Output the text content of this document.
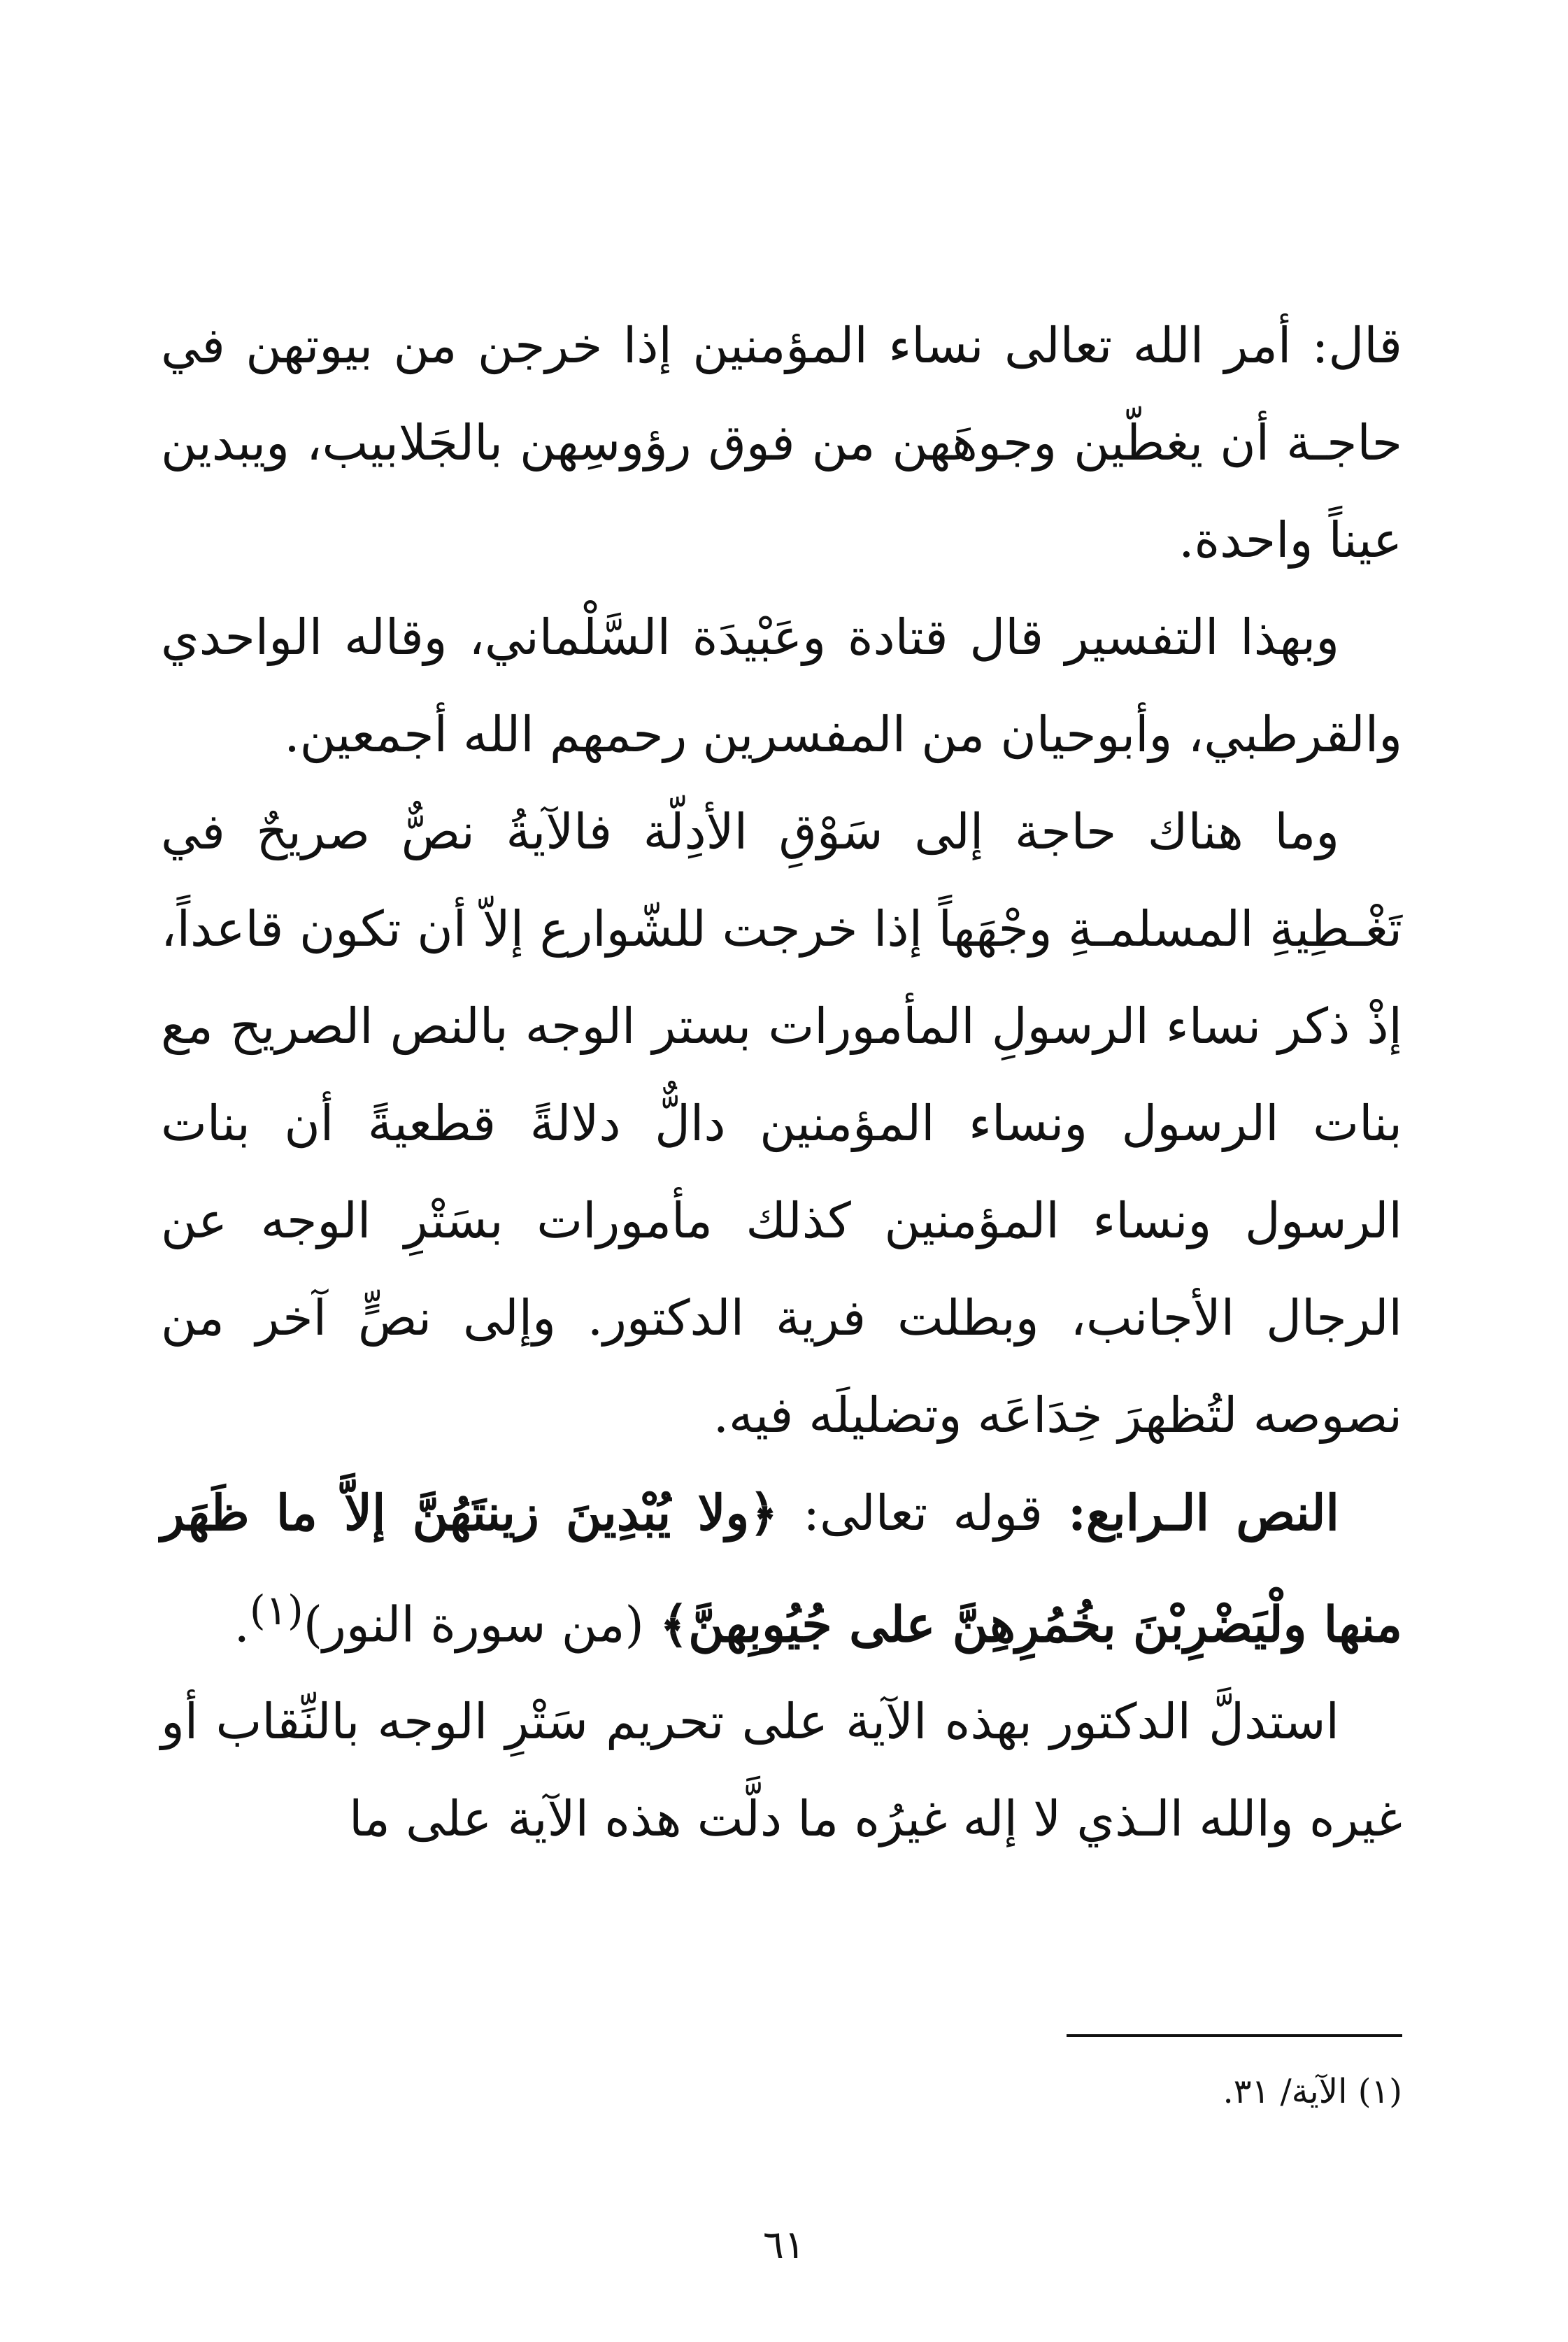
قال: أمر الله تعالى نساء المؤمنين إذا خرجن من بيوتهن في حاجـة أن يغطّين وجوهَهن من فوق رؤوسِهن بالجَلابيب، ويبدين عيناً واحدة.

وبهذا التفسير قال قتادة وعَبْيدَة السَّلْماني، وقاله الواحدي والقرطبي، وأبوحيان من المفسرين رحمهم الله أجمعين.

وما هناك حاجة إلى سَوْقِ الأدِلّة فالآيةُ نصٌّ صريحٌ في تَغْـطِيةِ المسلمـةِ وجْهَهاً إذا خرجت للشّوارع إلاّ أن تكون قاعداً، إذْ ذكر نساء الرسولِ المأمورات بستر الوجه بالنص الصريح مع بنات الرسول ونساء المؤمنين دالٌّ دلالةً قطعيةً أن بنات الرسول ونساء المؤمنين كذلك مأمورات بسَتْرِ الوجه عن الرجال الأجانب، وبطلت فرية الدكتور. وإلى نصٍّ آخر من نصوصه لتُظهرَ خِدَاعَه وتضليلَه فيه.

النص الـرابع: قوله تعالى: ﴿ولا يُبْدِينَ زينتَهُنَّ إلاَّ ما ظَهَر منها ولْيَضْرِبْنَ بخُمُرِهِنَّ على جُيُوبِهنَّ﴾ (من سورة النور)$^{(١)}$.

استدلَّ الدكتور بهذه الآية على تحريم سَتْرِ الوجه بالنِّقاب أو غيره والله الـذي لا إله غيرُه ما دلَّت هذه الآية على ما

(١) الآية/ ٣١.
٦١
